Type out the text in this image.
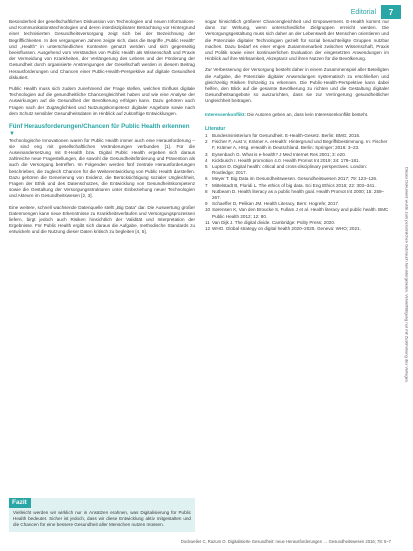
Editorial	7

Besonderheit der gesellschaftlichen Diskussion von Technologien und neuen Informations- und Kommunikationstechnologien und deren interdisziplinärer Betrachtung vor Hintergrund einer technisierten Gesundheitsversorgung zeigt sich bei der Bezeichnung der Begrifflichkeiten. In den vergangenen Jahren zeigte sich, dass die Begriffe „Public Health“ und „Health“ in unterschiedlichen Kontexten genutzt werden und sich gegenseitig beeinflussen. Ausgehend vom Verständnis von Public Health als Wissenschaft und Praxis der Vermeidung von Krankheiten, der Verlängerung des Lebens und der Förderung der Gesundheit durch organisierte Anstrengungen der Gesellschaft werden in diesem Beitrag Herausforderungen und Chancen einer Public-Health-Perspektive auf digitale Gesundheit diskutiert.

Public Health muss sich zudem zunehmend der Frage stellen, welchen Einfluss digitale Technologien auf die gesundheitliche Chancengleichheit haben und wie eine Analyse der Auswirkungen auf die Gesundheit der Bevölkerung erfolgen kann. Dazu gehören auch Fragen nach der Zugänglichkeit und Nutzungskompetenz digitaler Angebote sowie nach dem Schutz sensibler Gesundheitsdaten im Hinblick auf zukünftige Entwicklungen.

Fünf Herausforderungen/Chancen für Public Health erkennen
▼

Technologische Innovationen waren für Public Health immer auch eine Herausforderung – sie sind eng mit gesellschaftlichen Veränderungen verbunden [1]. Für die Auseinandersetzung mit E-Health bzw. Digital Public Health ergeben sich daraus zahlreiche neue Fragestellungen, die sowohl die Gesundheitsförderung und Prävention als auch die Versorgung betreffen. Im Folgenden werden fünf zentrale Herausforderungen beschrieben, die zugleich Chancen für die Weiterentwicklung von Public Health darstellen. Dazu gehören die Generierung von Evidenz, die Berücksichtigung sozialer Ungleichheit, Fragen der Ethik und des Datenschutzes, die Entwicklung von Gesundheitskompetenz sowie die Gestaltung der Versorgungsstrukturen unter Einbeziehung neuer Technologien und Akteure im Gesundheitswesen [2, 3].

Eine weitere, schnell wachsende Datenquelle stellt „Big Data“ dar. Die Auswertung großer Datenmengen kann neue Erkenntnisse zu Krankheitsverläufen und Versorgungsprozessen liefern, birgt jedoch auch Risiken hinsichtlich der Validität und Interpretation der Ergebnisse. Für Public Health ergibt sich daraus die Aufgabe, methodische Standards zu entwickeln und die Nutzung dieser Daten kritisch zu begleiten [4, 5].

sogar hinsichtlich größerer Chancengleichheit und Empowerment. E-Health kommt nur dann zur Wirkung, wenn unterschiedliche Zielgruppen erreicht werden. Die Versorgungsgestaltung muss sich daher an der Lebenswelt der Menschen orientieren und die Potenziale digitaler Technologien gezielt für sozial benachteiligte Gruppen nutzbar machen. Dazu bedarf es einer engen Zusammenarbeit zwischen Wissenschaft, Praxis und Politik sowie einer kontinuierlichen Evaluation der eingesetzten Anwendungen im Hinblick auf ihre Wirksamkeit, Akzeptanz und ihren Nutzen für die Bevölkerung.

Zur Verbesserung der Versorgung besteht daher in einem Zusammenspiel aller Beteiligten die Aufgabe, die Potenziale digitaler Anwendungen systematisch zu erschließen und gleichzeitig Risiken frühzeitig zu erkennen. Die Public-Health-Perspektive kann dabei helfen, den Blick auf die gesamte Bevölkerung zu richten und die Gestaltung digitaler Gesundheitsangebote so auszurichten, dass sie zur Verringerung gesundheitlicher Ungleichheit beitragen.

Interessenkonflikt: Die Autoren geben an, dass kein Interessenkonflikt besteht.

Literatur
1 Bundesministerium für Gesundheit. E-Health-Gesetz. Berlin: BMG; 2016.
2 Fischer F, Aust V, Krämer A. eHealth: Hintergrund und Begriffsbestimmung. In: Fischer F, Krämer A, Hrsg. eHealth in Deutschland. Berlin: Springer; 2016: 3–23.
3 Eysenbach G. What is e-health? J Med Internet Res 2001; 3: e20.
4 Kickbusch I. Health promotion 4.0. Health Promot Int 2019; 34: 179–181.
5 Lupton D. Digital health: critical and cross-disciplinary perspectives. London: Routledge; 2017.
6 Meyer T. Big Data im Gesundheitswesen. Gesundheitswesen 2017; 79: 123–126.
7 Mittelstadt B, Floridi L. The ethics of big data. Sci Eng Ethics 2016; 22: 303–341.
8 Nutbeam D. Health literacy as a public health goal. Health Promot Int 2000; 15: 259–267.
9 Schaeffer D, Pelikan JM. Health Literacy. Bern: Hogrefe; 2017.
10 Sørensen K, Van den Broucke S, Fullam J et al. Health literacy and public health. BMC Public Health 2012; 12: 80.
11 Van Dijk J. The digital divide. Cambridge: Polity Press; 2020.
12 WHO. Global strategy on digital health 2020–2025. Geneva: WHO; 2021.
Fazit

Vielleicht werden wir wirklich nur in Ansätzen erahnen, was Digitalisierung für Public Health bedeutet. Sicher ist jedoch, dass wir diese Entwicklung aktiv mitgestalten und die Chancen für eine bessere Gesundheit aller Menschen nutzen müssen.

Dockweiler C, Razum O. Digitalisierte Gesundheit: neue Herausforderungen … Gesundheitswesen 2016; 78: 5–7
Dieses Dokument wurde zum persönlichen Gebrauch heruntergeladen. Vervielfältigung nur mit Zustimmung des Verlages.
